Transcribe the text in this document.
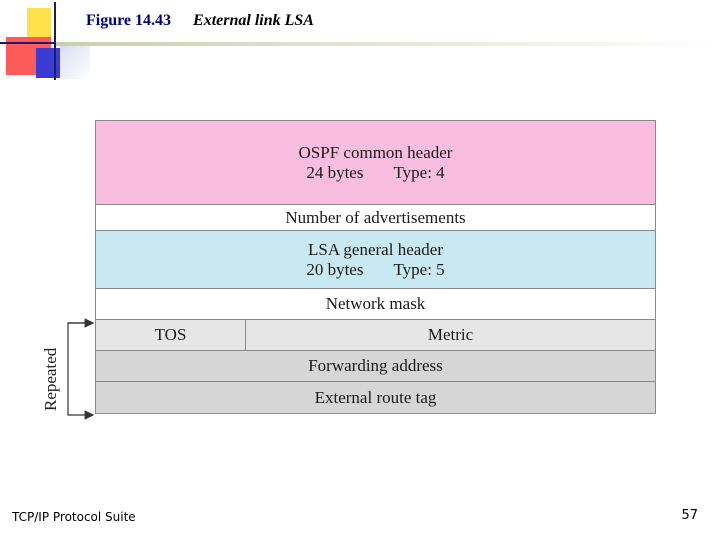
Figure 14.43 External link LSA
OSPF common header
24 bytes Type: 4
Number of advertisements
LSA general header
20 bytes Type: 5
Network mask
TOS	Metric
Forwarding address
External route tag
Repeated
TCP/IP Protocol Suite	57
